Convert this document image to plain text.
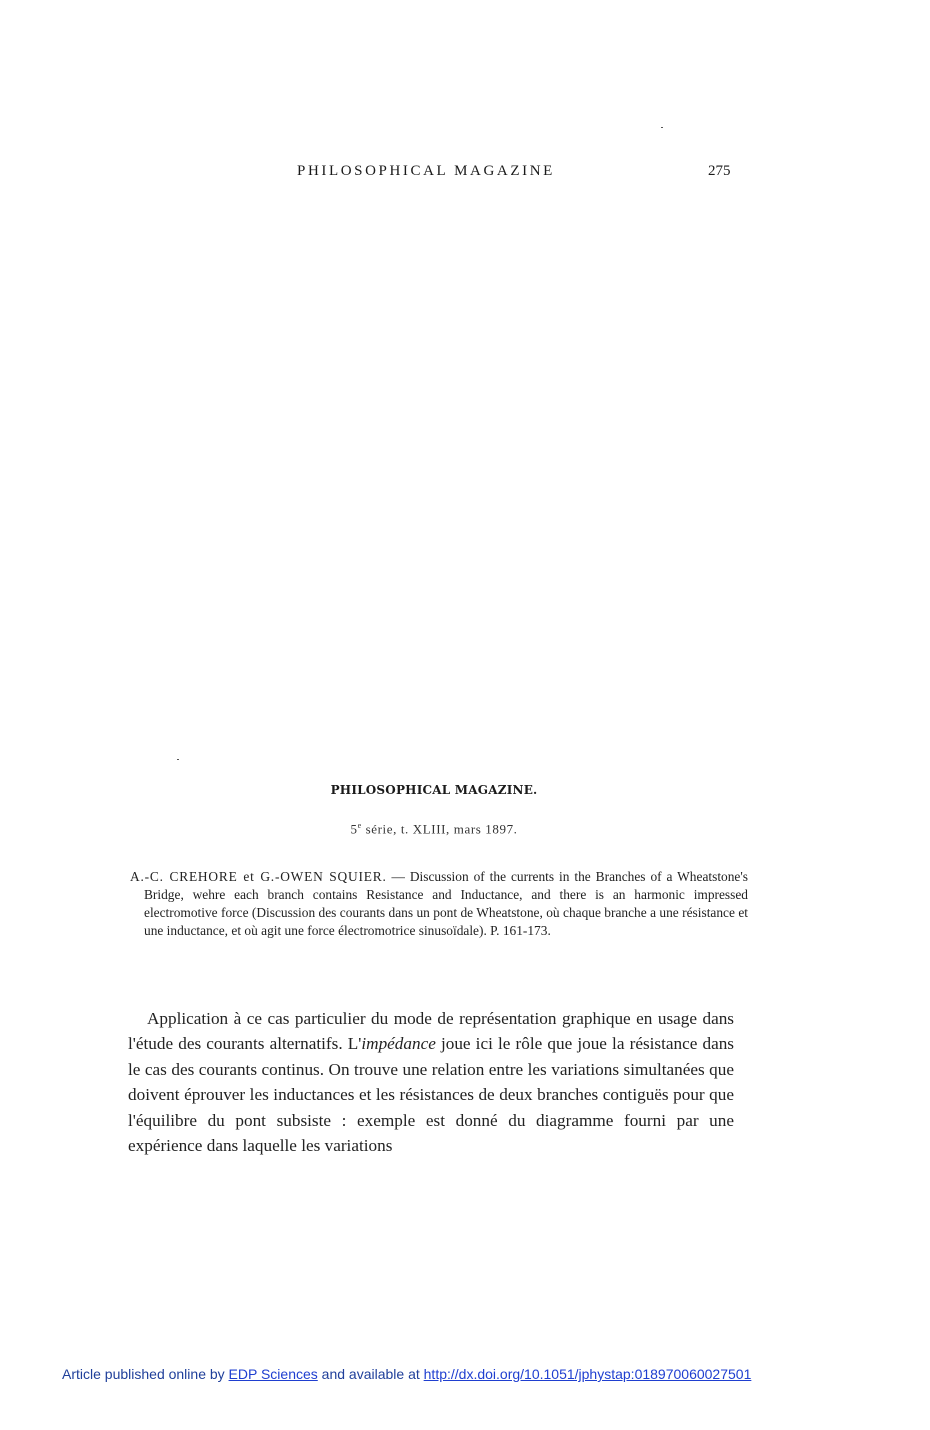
PHILOSOPHICAL MAGAZINE	275
PHILOSOPHICAL MAGAZINE.
5e série, t. XLIII, mars 1897.
A.-C. CREHORE et G.-OWEN SQUIER. — Discussion of the currents in the Branches of a Wheatstone's Bridge, wehre each branch contains Resistance and Inductance, and there is an harmonic impressed electromotive force (Discussion des courants dans un pont de Wheatstone, où chaque branche a une résistance et une inductance, et où agit une force électromotrice sinusoïdale). P. 161-173.
Application à ce cas particulier du mode de représentation graphique en usage dans l'étude des courants alternatifs. L'impédance joue ici le rôle que joue la résistance dans le cas des courants continus. On trouve une relation entre les variations simultanées que doivent éprouver les inductances et les résistances de deux branches contiguës pour que l'équilibre du pont subsiste : exemple est donné du diagramme fourni par une expérience dans laquelle les variations
Article published online by EDP Sciences and available at http://dx.doi.org/10.1051/jphystap:018970060027501
